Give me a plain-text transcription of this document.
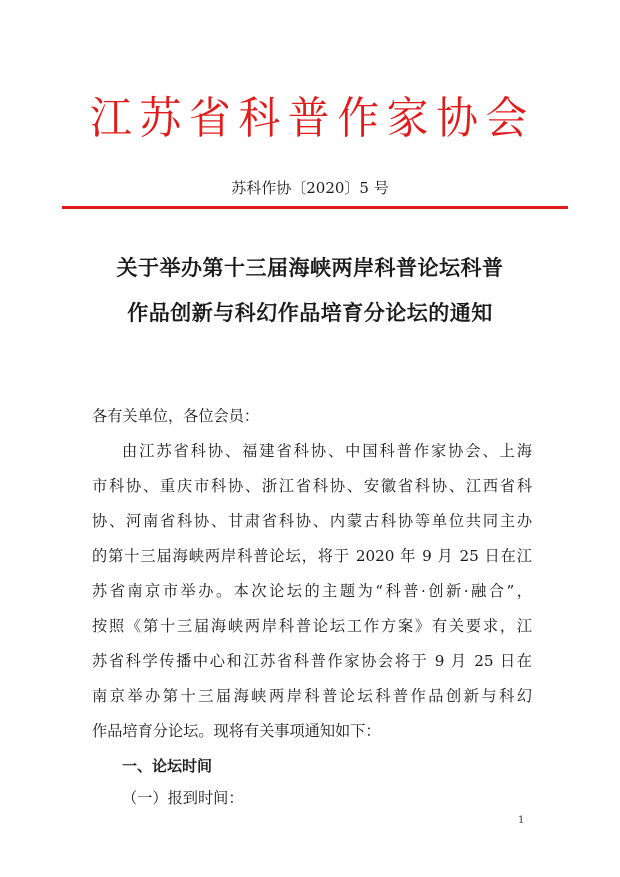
江苏省科普作家协会
苏科作协〔2020〕5 号
关于举办第十三届海峡两岸科普论坛科普
作品创新与科幻作品培育分论坛的通知
各有关单位，各位会员：
由江苏省科协、福建省科协、中国科普作家协会、上海
市科协、重庆市科协、浙江省科协、安徽省科协、江西省科
协、河南省科协、甘肃省科协、内蒙古科协等单位共同主办
的第十三届海峡两岸科普论坛，将于 2020 年 9 月 25 日在江
苏省南京市举办。本次论坛的主题为“科普·创新·融合”，
按照《第十三届海峡两岸科普论坛工作方案》有关要求，江
苏省科学传播中心和江苏省科普作家协会将于 9 月 25 日在
南京举办第十三届海峡两岸科普论坛科普作品创新与科幻
作品培育分论坛。现将有关事项通知如下：
一、论坛时间
（一）报到时间：
1
